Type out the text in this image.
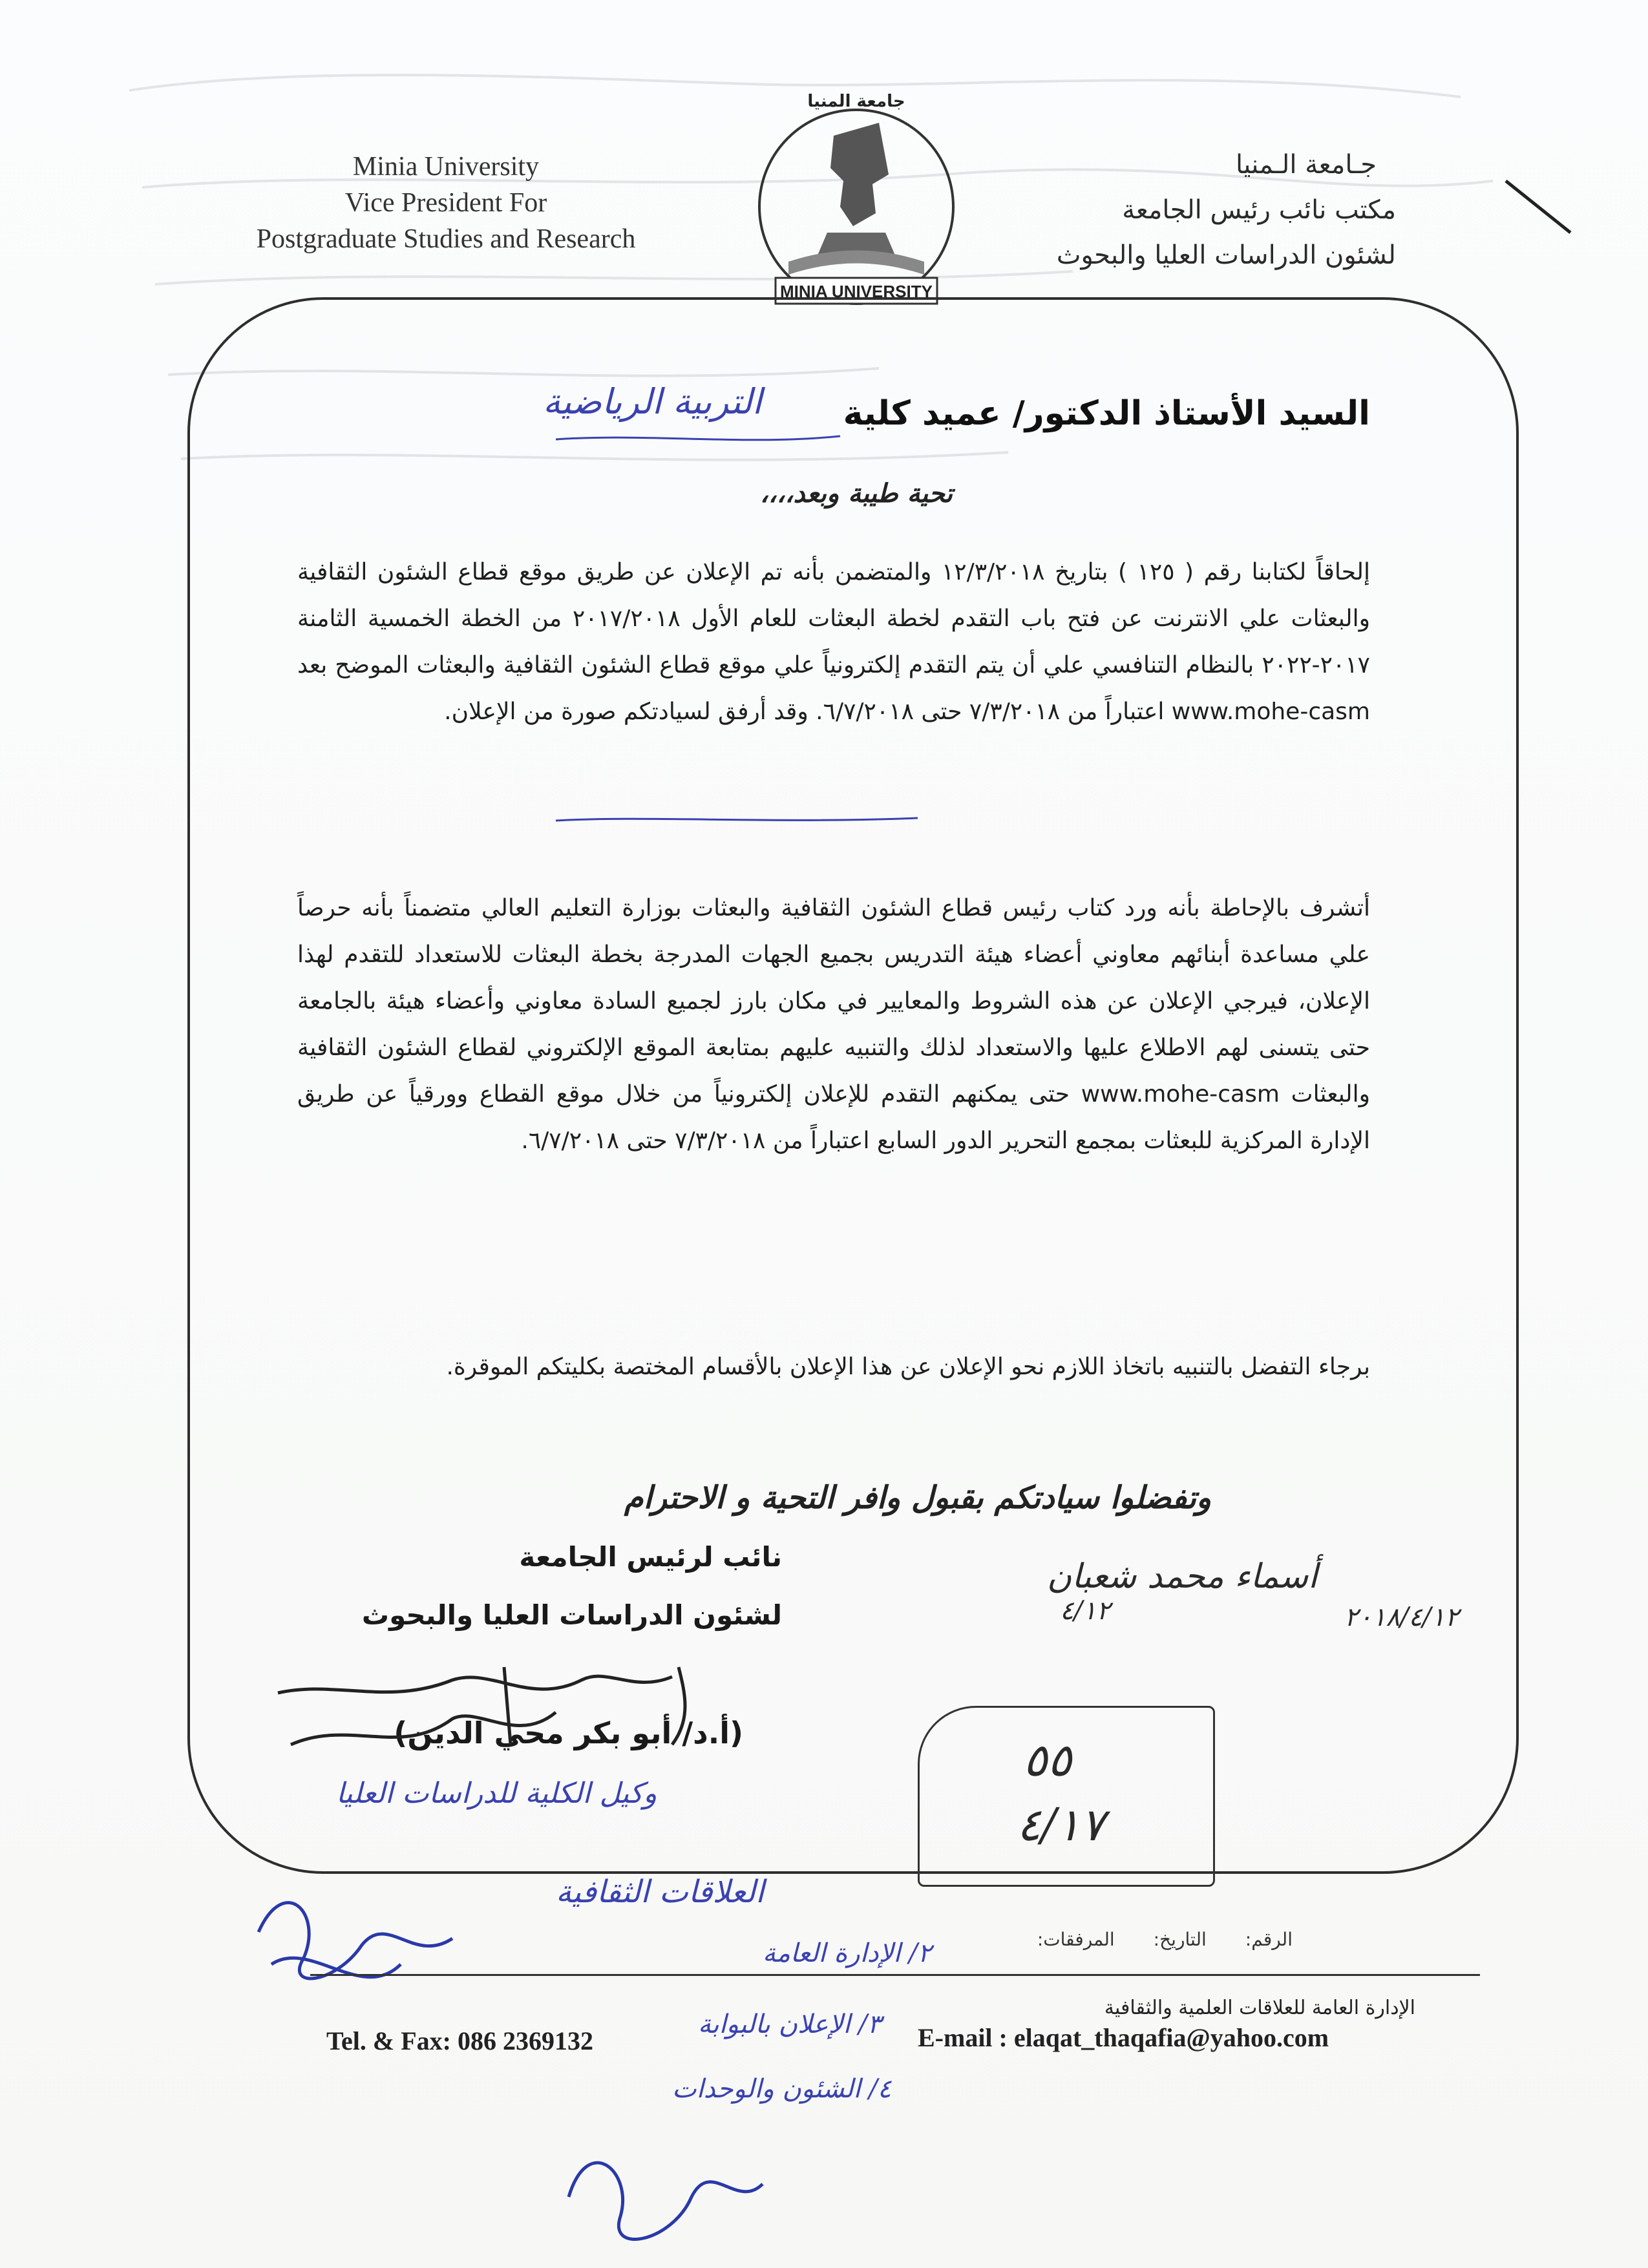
Minia University
Vice President For
Postgraduate Studies and Research
جـامعة الـمنيا
مكتب نائب رئيس الجامعة
لشئون الدراسات العليا والبحوث
MINIA UNIVERSITY
جامعة المنيا
السيد الأستاذ الدكتور/ عميد كلية
التربية الرياضية
تحية طيبة وبعد،،،،
إلحاقاً لكتابنا رقم ( ١٢٥ ) بتاريخ ١٢/٣/٢٠١٨ والمتضمن بأنه تم الإعلان عن طريق موقع قطاع الشئون الثقافية والبعثات علي الانترنت عن فتح باب التقدم لخطة البعثات للعام الأول ٢٠١٧/٢٠١٨ من الخطة الخمسية الثامنة ٢٠١٧-٢٠٢٢ بالنظام التنافسي علي أن يتم التقدم إلكترونياً علي موقع قطاع الشئون الثقافية والبعثات الموضح بعد www.mohe-casm اعتباراً من ٧/٣/٢٠١٨ حتى ٦/٧/٢٠١٨. وقد أرفق لسيادتكم صورة من الإعلان.
أتشرف بالإحاطة بأنه ورد كتاب رئيس قطاع الشئون الثقافية والبعثات بوزارة التعليم العالي متضمناً بأنه حرصاً علي مساعدة أبنائهم معاوني أعضاء هيئة التدريس بجميع الجهات المدرجة بخطة البعثات للاستعداد للتقدم لهذا الإعلان، فيرجي الإعلان عن هذه الشروط والمعايير في مكان بارز لجميع السادة معاوني وأعضاء هيئة بالجامعة حتى يتسنى لهم الاطلاع عليها والاستعداد لذلك والتنبيه عليهم بمتابعة الموقع الإلكتروني لقطاع الشئون الثقافية والبعثات www.mohe-casm حتى يمكنهم التقدم للإعلان إلكترونياً من خلال موقع القطاع وورقياً عن طريق الإدارة المركزية للبعثات بمجمع التحرير الدور السابع اعتباراً من ٧/٣/٢٠١٨ حتى ٦/٧/٢٠١٨.
برجاء التفضل بالتنبيه باتخاذ اللازم نحو الإعلان عن هذا الإعلان بالأقسام المختصة بكليتكم الموقرة.
وتفضلوا سيادتكم بقبول وافر التحية و الاحترام
نائب لرئيس الجامعة
لشئون الدراسات العليا والبحوث
(أ.د/ أبو بكر محي الدين)
أسماء محمد شعبان
٢٠١٨/٤/١٢
٤/١٢
٥٥
٤/١٧
وكيل الكلية للدراسات العليا
العلاقات الثقافية
٢/ الإدارة العامة
٣/ الإعلان بالبوابة
٤/ الشئون والوحدات
الرقم:
التاريخ:
المرفقات:
الإدارة العامة للعلاقات العلمية والثقافية
Tel. & Fax: 086 2369132	E-mail : elaqat_thaqafia@yahoo.com
